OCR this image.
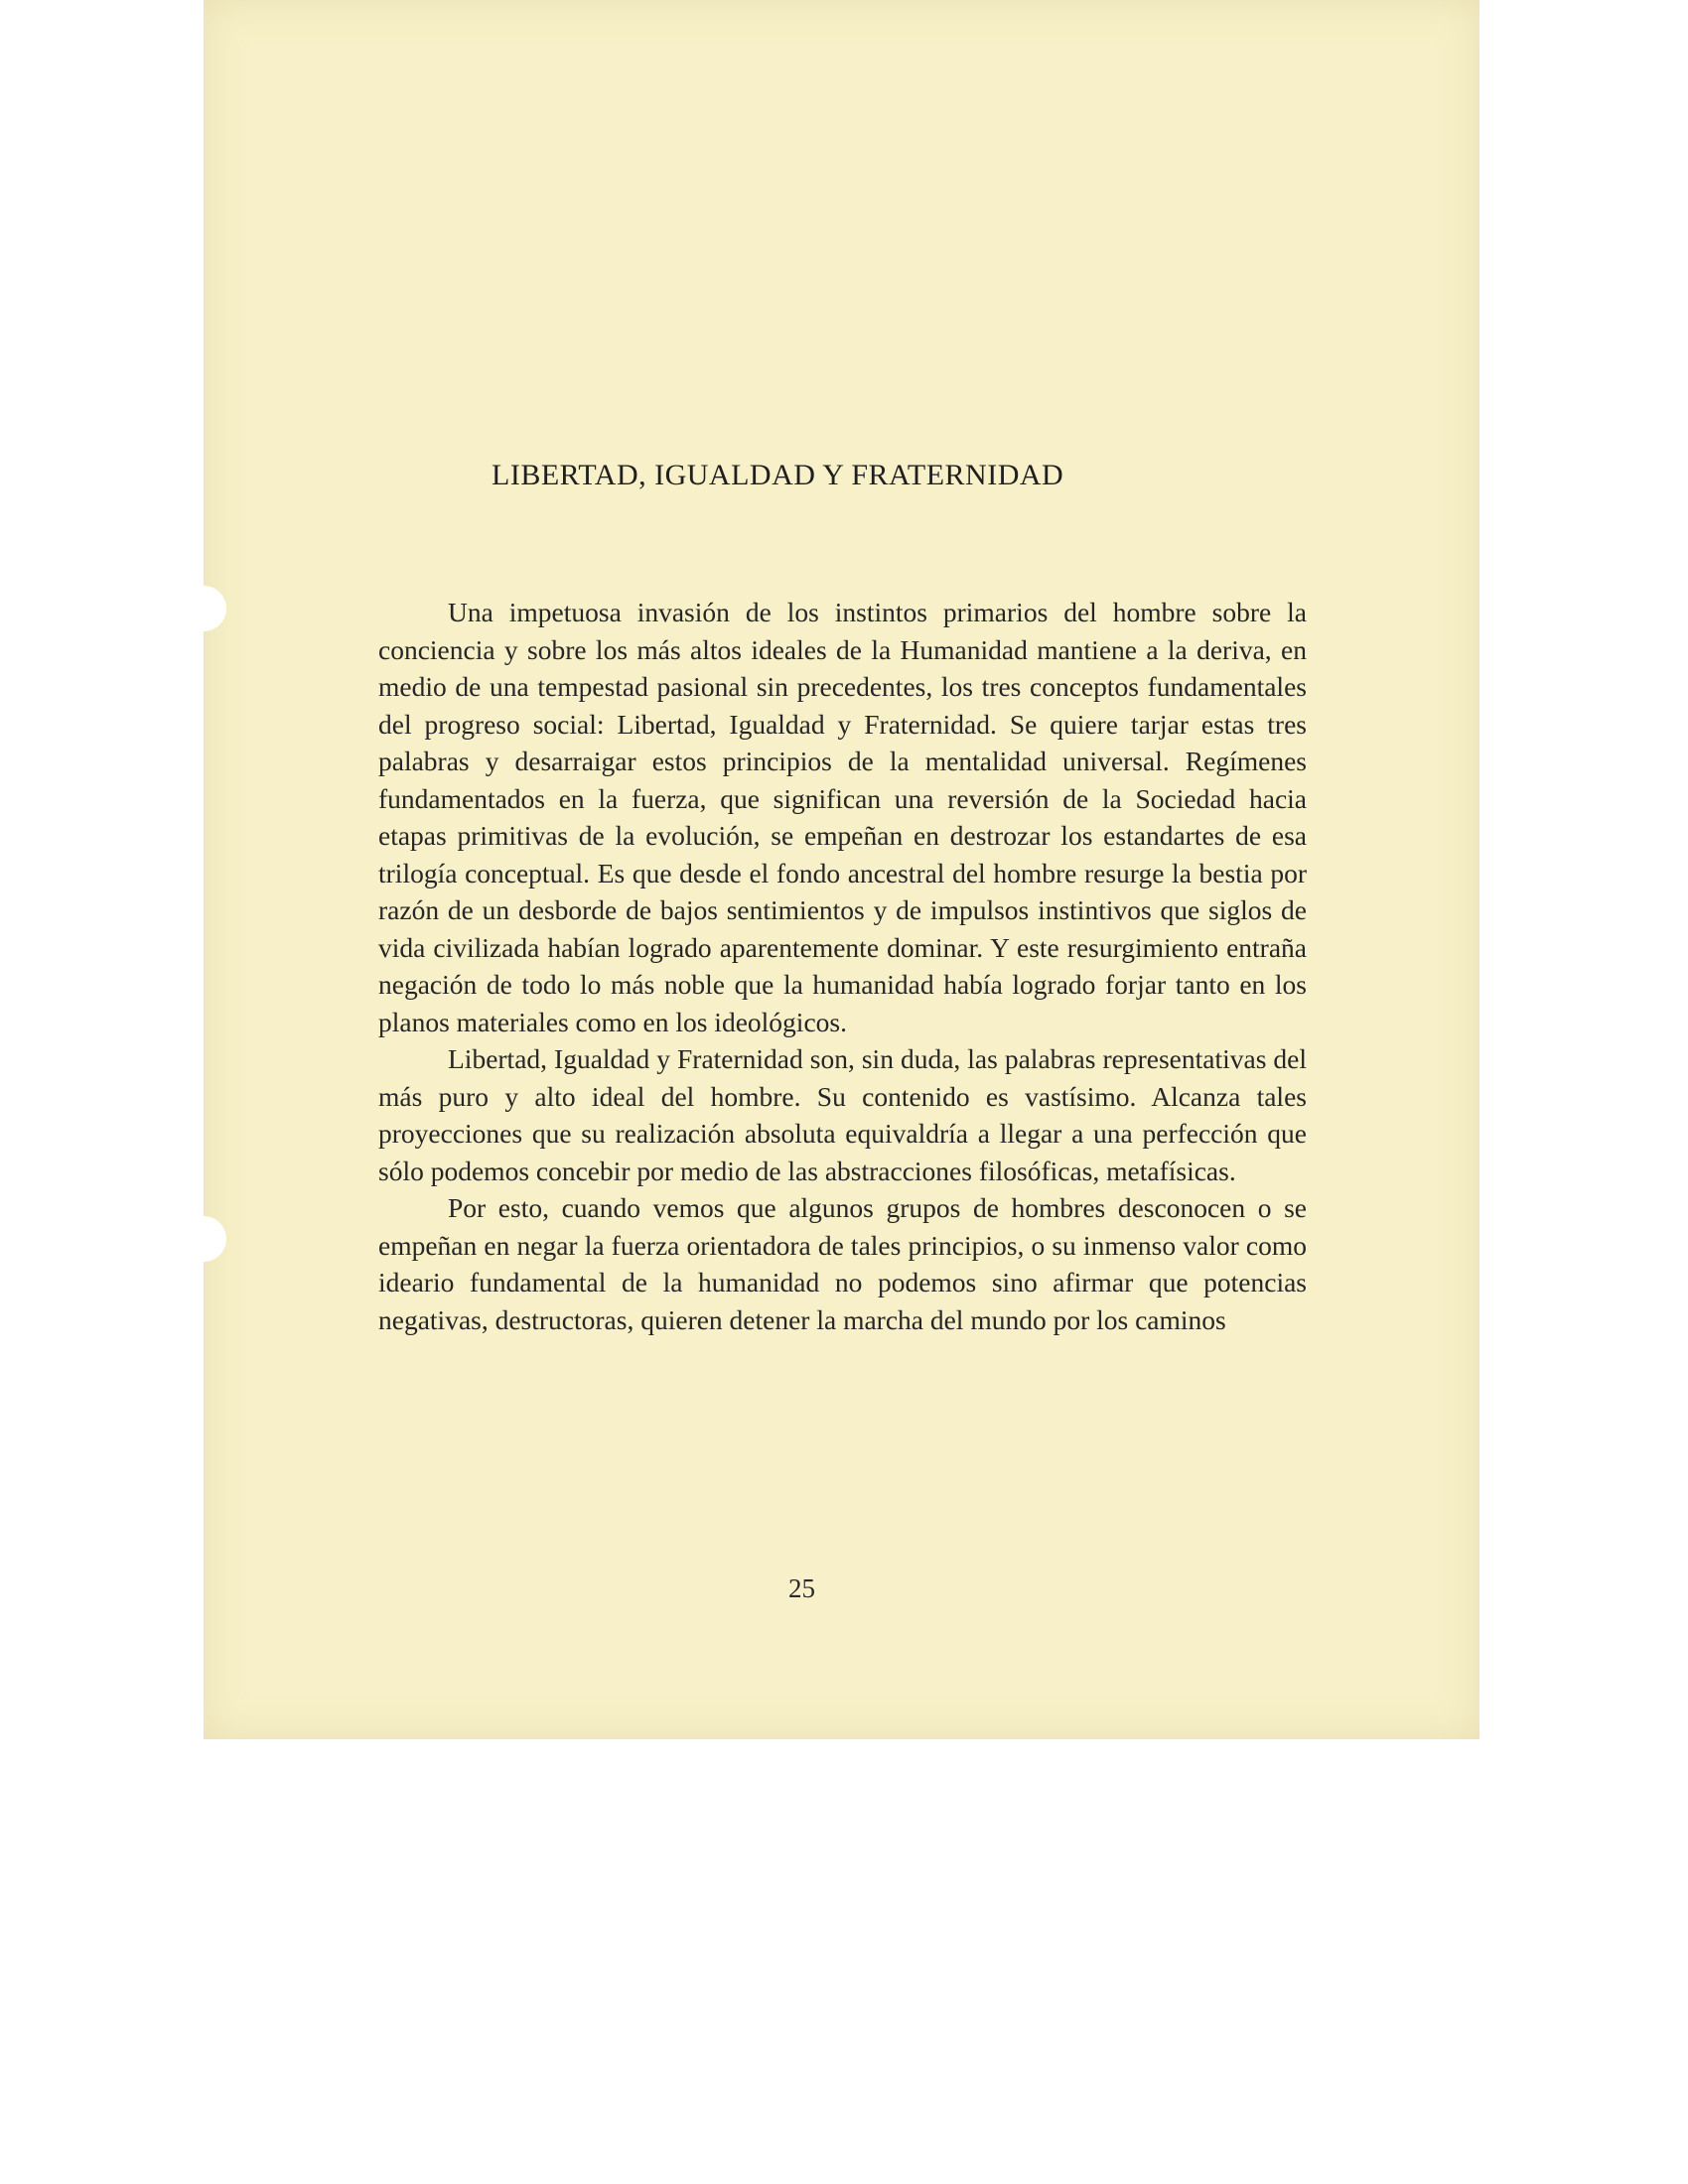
LIBERTAD, IGUALDAD Y FRATERNIDAD

Una impetuosa invasión de los instintos primarios del hombre sobre la conciencia y sobre los más altos ideales de la Humanidad mantiene a la deriva, en medio de una tempestad pasional sin precedentes, los tres conceptos fundamentales del progreso social: Libertad, Igualdad y Fraternidad. Se quiere tarjar estas tres palabras y desarraigar estos principios de la mentalidad universal. Regímenes fundamentados en la fuerza, que significan una reversión de la Sociedad hacia etapas primitivas de la evolución, se empeñan en destrozar los estandartes de esa trilogía conceptual. Es que desde el fondo ancestral del hombre resurge la bestia por razón de un desborde de bajos sentimientos y de impulsos instintivos que siglos de vida civilizada habían logrado aparentemente dominar. Y este resurgimiento entraña negación de todo lo más noble que la humanidad había logrado forjar tanto en los planos materiales como en los ideológicos.

Libertad, Igualdad y Fraternidad son, sin duda, las palabras representativas del más puro y alto ideal del hombre. Su contenido es vastísimo. Alcanza tales proyecciones que su realización absoluta equivaldría a llegar a una perfección que sólo podemos concebir por medio de las abstracciones filosóficas, metafísicas.

Por esto, cuando vemos que algunos grupos de hombres desconocen o se empeñan en negar la fuerza orientadora de tales principios, o su inmenso valor como ideario fundamental de la humanidad no podemos sino afirmar que potencias negativas, destructoras, quieren detener la marcha del mundo por los caminos

25
